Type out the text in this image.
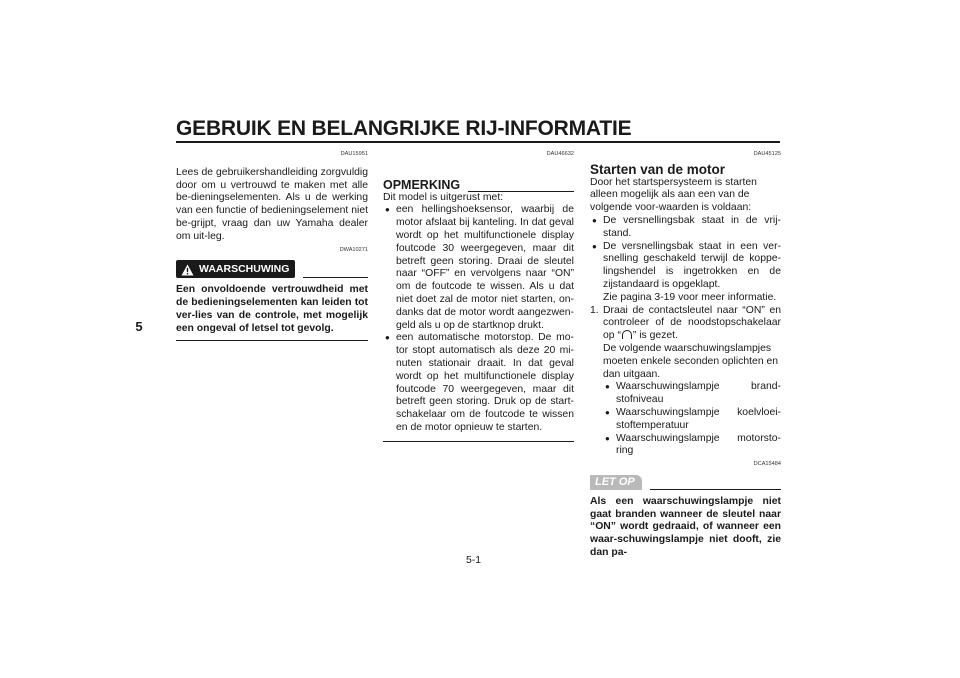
GEBRUIK EN BELANGRIJKE RIJ-INFORMATIE
5
DAU15951
Lees de gebruikershandleiding zorgvuldig door om u vertrouwd te maken met alle be-dieningselementen. Als u de werking van een functie of bedieningselement niet be-grijpt, vraag dan uw Yamaha dealer om uit-leg.
DWA10271
WAARSCHUWING
Een onvoldoende vertrouwdheid met de bedieningselementen kan leiden tot ver-lies van de controle, met mogelijk een ongeval of letsel tot gevolg.
DAU46632
OPMERKING
Dit model is uitgerust met:
● een hellingshoeksensor, waarbij de motor afslaat bij kanteling. In dat geval wordt op het multifunctionele display foutcode 30 weergegeven, maar dit betreft geen storing. Draai de sleutel naar “OFF” en vervolgens naar “ON” om de foutcode te wissen. Als u dat niet doet zal de motor niet starten, on-danks dat de motor wordt aangezwen-geld als u op de startknop drukt.
● een automatische motorstop. De mo-tor stopt automatisch als deze 20 mi-nuten stationair draait. In dat geval wordt op het multifunctionele display foutcode 70 weergegeven, maar dit betreft geen storing. Druk op de start-schakelaar om de foutcode te wissen en de motor opnieuw te starten.
DAU45125
Starten van de motor
Door het startspersysteem is starten alleen mogelijk als aan een van de volgende voor-waarden is voldaan:
● De versnellingsbak staat in de vrij-stand.
● De versnellingsbak staat in een ver-snelling geschakeld terwijl de koppe-lingshendel is ingetrokken en de zijstandaard is opgeklapt.
Zie pagina 3-19 voor meer informatie.
1. Draai de contactsleutel naar “ON” en controleer of de noodstopschakelaar op “ ” is gezet.
De volgende waarschuwingslampjes moeten enkele seconden oplichten en dan uitgaan.
● Waarschuwingslampje brand-stofniveau
● Waarschuwingslampje koelvloei-stoftemperatuur
● Waarschuwingslampje motorsto-ring
DCA15484
LET OP
Als een waarschuwingslampje niet gaat branden wanneer de sleutel naar “ON” wordt gedraaid, of wanneer een waar-schuwingslampje niet dooft, zie dan pa-
5-1
